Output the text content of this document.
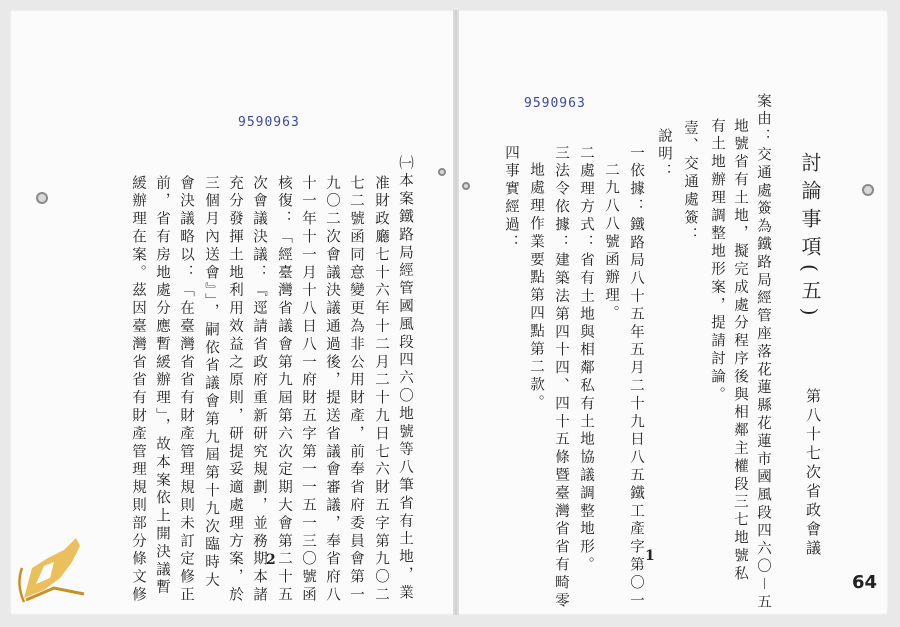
9590963
9590963
第八十七次省政會議
討論事項(五)
案由：交通處簽為鐵路局經管座落花蓮縣花蓮市國風段四六〇－五
地號省有土地，擬完成處分程序後與相鄰主權段三七地號私
有土地辦理調整地形案，提請討論。
壹、交通處簽：
說明：
一依據：鐵路局八十五年五月二十九日八五鐵工產字第〇一
二九八八號函辦理。
二處理方式：省有土地與相鄰私有土地協議調整地形。
三法令依據：建築法第四十四、四十五條暨臺灣省省有畸零
地處理作業要點第四點第二款。
四事實經過：
1
64
㈠本案鐵路局經管國風段四六〇地號等八筆省有土地，業
准財政廳七十六年十二月二十九日七六財五字第九〇二
七二號函同意變更為非公用財產，前奉省府委員會第一
九〇二次會議決議通過後，提送省議會審議，奉省府八
十一年十一月十八日八一府財五字第一一五一三〇號函
核復：「經臺灣省議會第九屆第六次定期大會第二十五
次會議決議：『逕請省政府重新研究規劃，並務期本諸
充分發揮土地利用效益之原則，研提妥適處理方案，於
三個月內送會』」，嗣依省議會第九屆第十九次臨時大
會決議略以：「在臺灣省省有財產管理規則未訂定修正
前，省有房地處分應暫緩辦理」，故本案依上開決議暫
緩辦理在案。茲因臺灣省省有財產管理規則部分條文修	2
